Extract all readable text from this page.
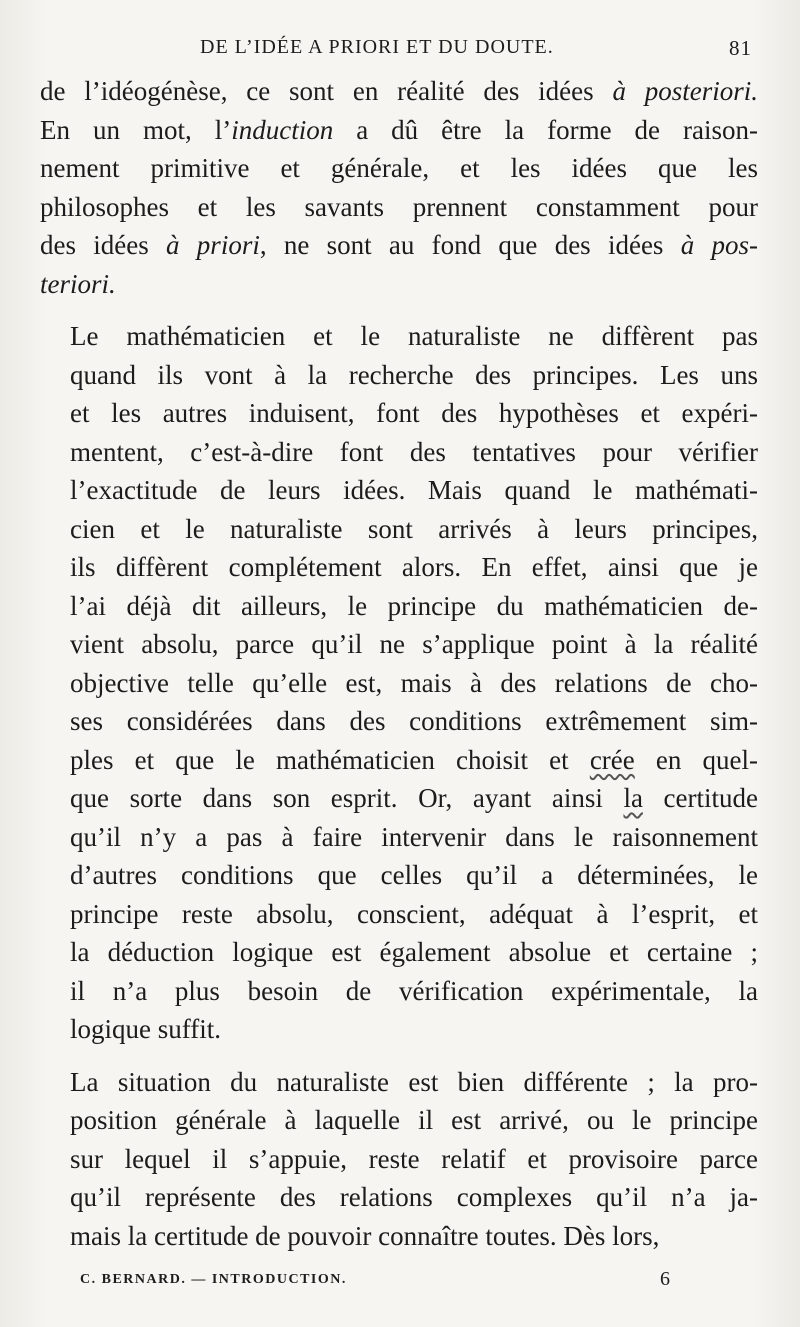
DE L’IDÉE A PRIORI ET DU DOUTE.	81
de l’idéogénèse, ce sont en réalité des idées à posteriori.
En un mot, l’induction a dû être la forme de raison-
nement primitive et générale, et les idées que les
philosophes et les savants prennent constamment pour
des idées à priori, ne sont au fond que des idées à pos-
teriori.
Le mathématicien et le naturaliste ne diffèrent pas
quand ils vont à la recherche des principes. Les uns
et les autres induisent, font des hypothèses et expéri-
mentent, c’est-à-dire font des tentatives pour vérifier
l’exactitude de leurs idées. Mais quand le mathémati-
cien et le naturaliste sont arrivés à leurs principes,
ils diffèrent complétement alors. En effet, ainsi que je
l’ai déjà dit ailleurs, le principe du mathématicien de-
vient absolu, parce qu’il ne s’applique point à la réalité
objective telle qu’elle est, mais à des relations de cho-
ses considérées dans des conditions extrêmement sim-
ples et que le mathématicien choisit et crée en quel-
que sorte dans son esprit. Or, ayant ainsi la certitude
qu’il n’y a pas à faire intervenir dans le raisonnement
d’autres conditions que celles qu’il a déterminées, le
principe reste absolu, conscient, adéquat à l’esprit, et
la déduction logique est également absolue et certaine ;
il n’a plus besoin de vérification expérimentale, la
logique suffit.
La situation du naturaliste est bien différente ; la pro-
position générale à laquelle il est arrivé, ou le principe
sur lequel il s’appuie, reste relatif et provisoire parce
qu’il représente des relations complexes qu’il n’a ja-
mais la certitude de pouvoir connaître toutes. Dès lors,
C. BERNARD. — INTRODUCTION.	6
